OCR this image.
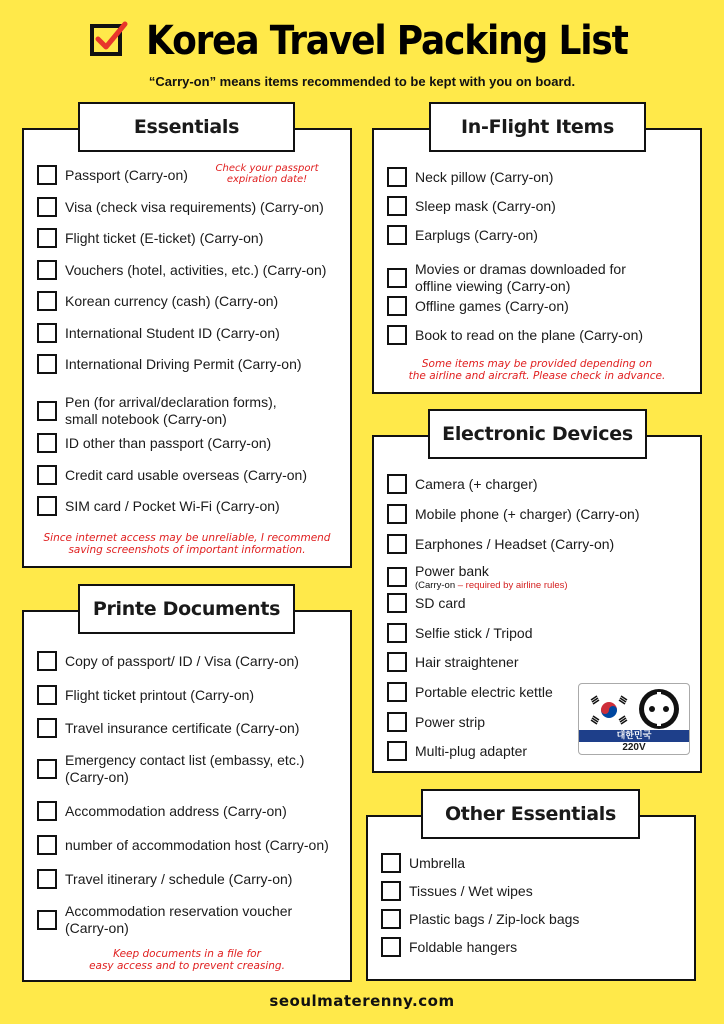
Korea Travel Packing List
“Carry-on” means items recommended to be kept with you on board.
Passport (Carry-on)
Visa (check visa requirements) (Carry-on)
Flight ticket (E-ticket) (Carry-on)
Vouchers (hotel, activities, etc.) (Carry-on)
Korean currency (cash) (Carry-on)
International Student ID (Carry-on)
International Driving Permit (Carry-on)
Pen (for arrival/declaration forms),
small notebook (Carry-on)
ID other than passport (Carry-on)
Credit card usable overseas (Carry-on)
SIM card / Pocket Wi-Fi (Carry-on)
Check your passport
expiration date!
Since internet access may be unreliable, I recommend
saving screenshots of important information.
Essentials
Neck pillow (Carry-on)
Sleep mask (Carry-on)
Earplugs (Carry-on)
Movies or dramas downloaded for
offline viewing (Carry-on)
Offline games (Carry-on)
Book to read on the plane (Carry-on)
Some items may be provided depending on
the airline and aircraft. Please check in advance.
In-Flight Items
Camera (+ charger)
Mobile phone (+ charger) (Carry-on)
Earphones / Headset (Carry-on)
Power bank
(Carry-on – required by airline rules)
SD card
Selfie stick / Tripod
Hair straightener
Portable electric kettle
Power strip
Multi-plug adapter
Electronic Devices
대한민국
220V
Copy of passport/ ID / Visa (Carry-on)
Flight ticket printout (Carry-on)
Travel insurance certificate (Carry-on)
Emergency contact list (embassy, etc.)
(Carry-on)
Accommodation address (Carry-on)
number of accommodation host (Carry-on)
Travel itinerary / schedule (Carry-on)
Accommodation reservation voucher
(Carry-on)
Keep documents in a file for
easy access and to prevent creasing.
Printe Documents
Umbrella
Tissues / Wet wipes
Plastic bags / Zip-lock bags
Foldable hangers
Other Essentials
seoulmaterenny.com
